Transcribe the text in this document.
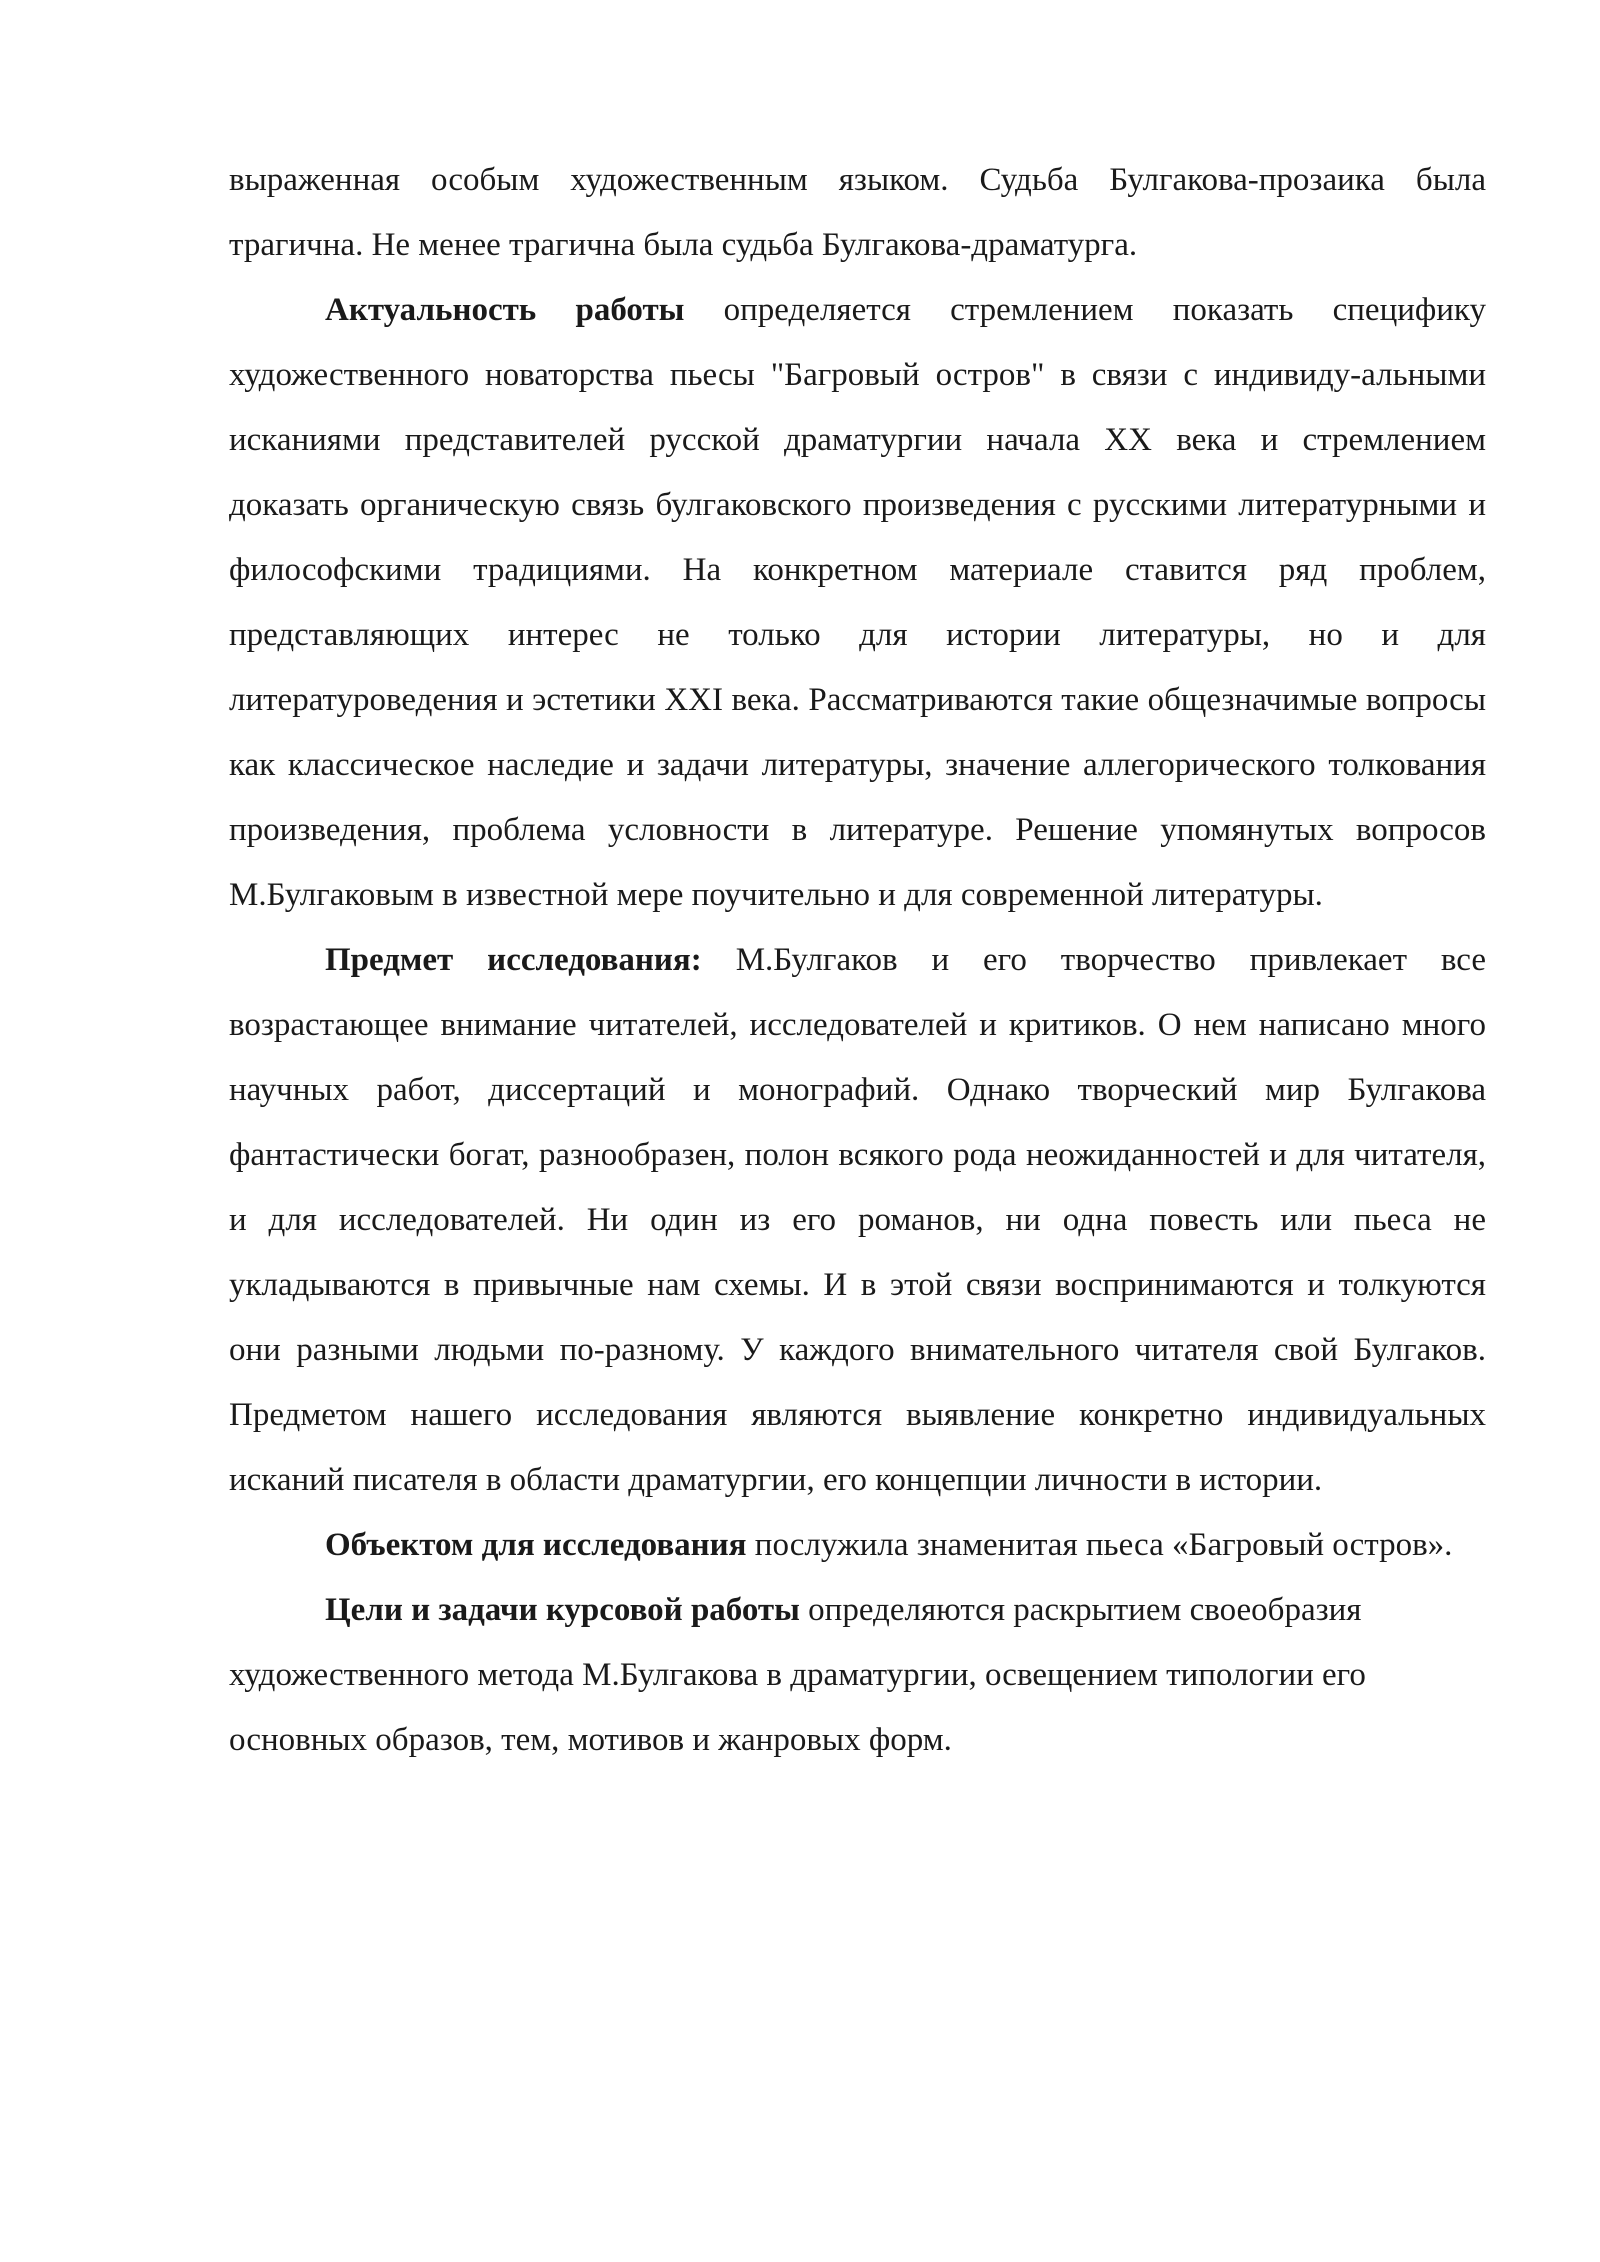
выраженная особым художественным языком. Судьба Булгакова-прозаика была трагична. Не менее трагична была судьба Булгакова-драматурга.

Актуальность работы определяется стремлением показать специфику художественного новаторства пьесы "Багровый остров" в связи с индивиду-альными исканиями представителей русской драматургии начала XX века и стремлением доказать органическую связь булгаковского произведения с русскими литературными и философскими традициями. На конкретном материале ставится ряд проблем, представляющих интерес не только для истории литературы, но и для литературоведения и эстетики XXI века. Рассматриваются такие общезначимые вопросы как классическое наследие и задачи литературы, значение аллегорического толкования произведения, проблема условности в литературе. Решение упомянутых вопросов М.Булгаковым в известной мере поучительно и для современной литературы.

Предмет исследования: М.Булгаков и его творчество привлекает все возрастающее внимание читателей, исследователей и критиков. О нем написано много научных работ, диссертаций и монографий. Однако творческий мир Булгакова фантастически богат, разнообразен, полон всякого рода неожиданностей и для читателя, и для исследователей. Ни один из его романов, ни одна повесть или пьеса не укладываются в привычные нам схемы. И в этой связи воспринимаются и толкуются они разными людьми по-разному. У каждого внимательного читателя свой Булгаков. Предметом нашего исследования являются выявление конкретно индивидуальных исканий писателя в области драматургии, его концепции личности в истории.

Объектом для исследования послужила знаменитая пьеса «Багровый остров».

Цели и задачи курсовой работы определяются раскрытием своеобразия художественного метода М.Булгакова в драматургии, освещением типологии его основных образов, тем, мотивов и жанровых форм.
